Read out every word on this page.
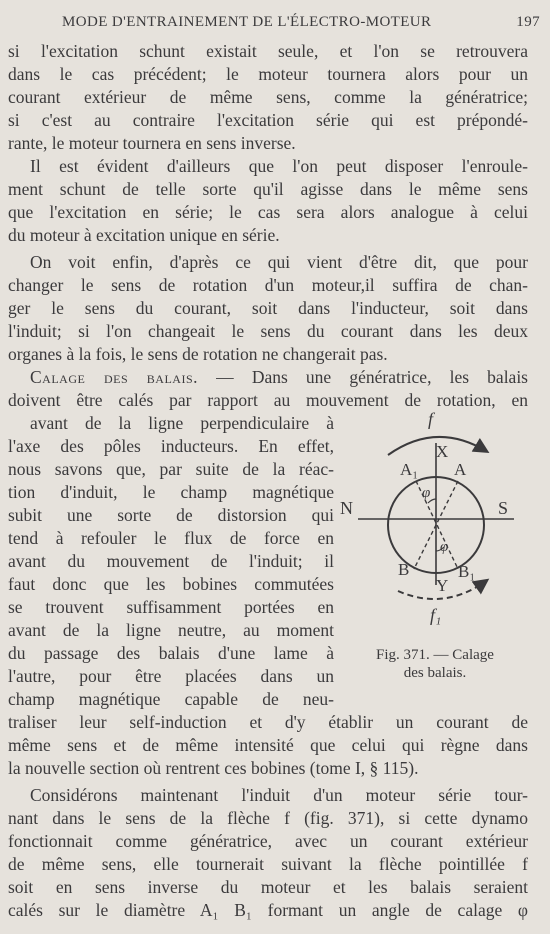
MODE D'ENTRAINEMENT DE L'ÉLECTRO-MOTEUR	197
si l'excitation schunt existait seule, et l'on se retrouvera
dans le cas précédent; le moteur tournera alors pour un
courant extérieur de même sens, comme la génératrice;
si c'est au contraire l'excitation série qui est prépondé-
rante, le moteur tournera en sens inverse.
Il est évident d'ailleurs que l'on peut disposer l'enroule-
ment schunt de telle sorte qu'il agisse dans le même sens
que l'excitation en série; le cas sera alors analogue à celui
du moteur à excitation unique en série.
On voit enfin, d'après ce qui vient d'être dit, que pour
changer le sens de rotation d'un moteur,il suffira de chan-
ger le sens du courant, soit dans l'inducteur, soit dans
l'induit; si l'on changeait le sens du courant dans les deux
organes à la fois, le sens de rotation ne changerait pas.
Calage des balais. — Dans une génératrice, les balais
doivent être calés par rapport au mouvement de rotation, en
avant de la ligne perpendiculaire à
l'axe des pôles inducteurs. En effet,
nous savons que, par suite de la réac-
tion d'induit, le champ magnétique
subit une sorte de distorsion qui
tend à refouler le flux de force en
avant du mouvement de l'induit; il
faut donc que les bobines commutées
se trouvent suffisamment portées en
avant de la ligne neutre, au moment
du passage des balais d'une lame à
l'autre, pour être placées dans un
champ magnétique capable de neu-
traliser leur self-induction et d'y établir un courant de
même sens et de même intensité que celui qui règne dans
la nouvelle section où rentrent ces bobines (tome I, § 115).
Considérons maintenant l'induit d'un moteur série tour-
nant dans le sens de la flèche f (fig. 371), si cette dynamo
fonctionnait comme génératrice, avec un courant extérieur
de même sens, elle tournerait suivant la flèche pointillée f
soit en sens inverse du moteur et les balais seraient
calés sur le diamètre A₁ B₁ formant un angle de calage φ
f
X
A₁ A
φ
N	S
φ
B	B₁
Y
f₁
Fig. 371. — Calage
des balais.
